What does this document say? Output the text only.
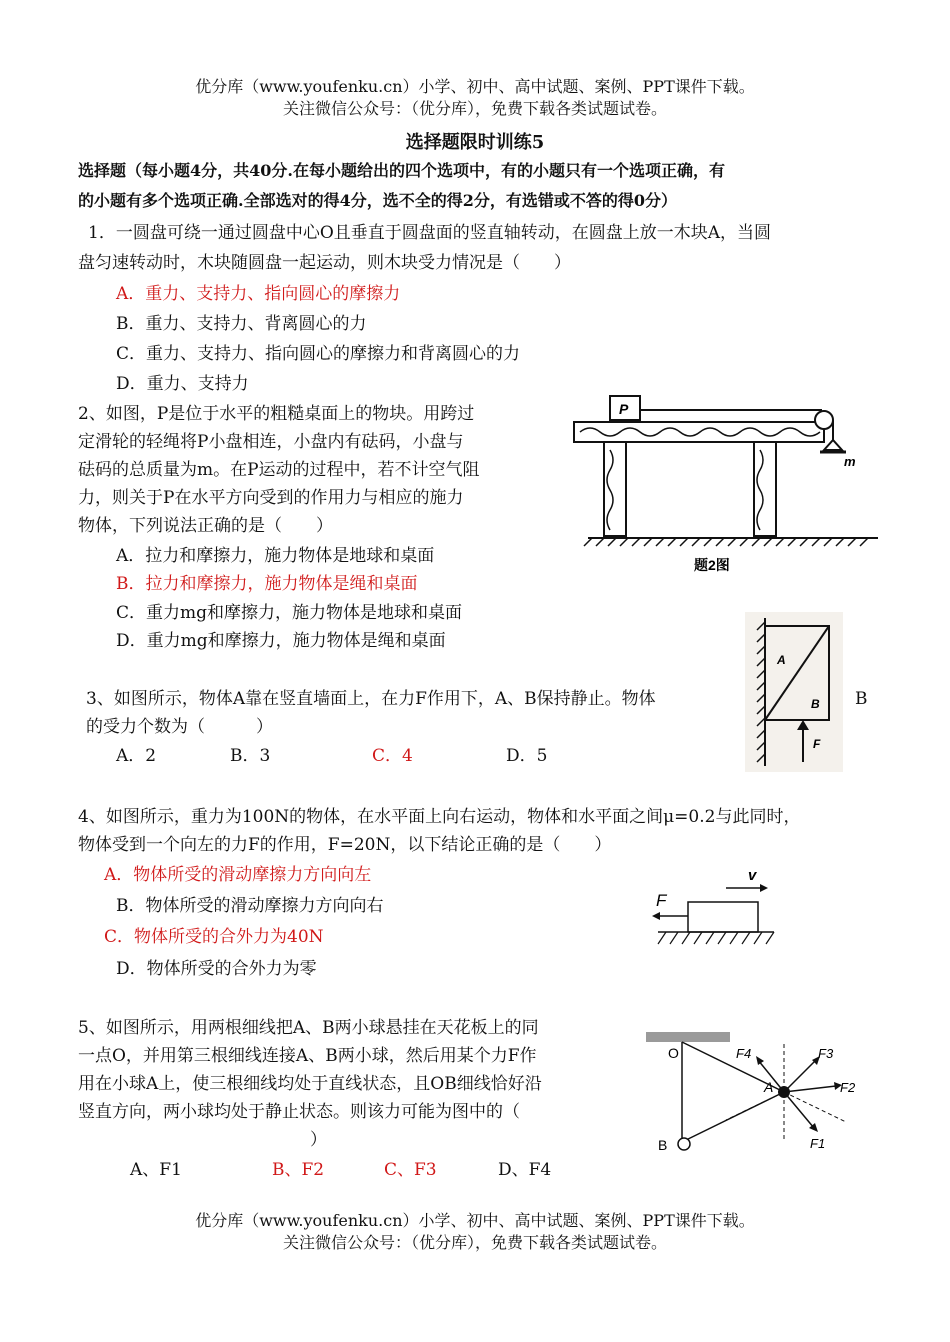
优分库（www.youfenku.cn）小学、初中、高中试题、案例、PPT课件下载。
关注微信公众号：（优分库），免费下载各类试题试卷。
选择题限时训练5
选择题（每小题4分，共40分.在每小题给出的四个选项中，有的小题只有一个选项正确，有
的小题有多个选项正确.全部选对的得4分，选不全的得2分，有选错或不答的得0分）
1．一圆盘可绕一通过圆盘中心O且垂直于圆盘面的竖直轴转动，在圆盘上放一木块A，当圆
盘匀速转动时，木块随圆盘一起运动，则木块受力情况是（　　）
A．重力、支持力、指向圆心的摩擦力
B．重力、支持力、背离圆心的力
C．重力、支持力、指向圆心的摩擦力和背离圆心的力
D．重力、支持力
2、如图，P是位于水平的粗糙桌面上的物块。用跨过
定滑轮的轻绳将P小盘相连，小盘内有砝码，小盘与
砝码的总质量为m。在P运动的过程中，若不计空气阻
力，则关于P在水平方向受到的作用力与相应的施力
物体，下列说法正确的是（　　）
A．拉力和摩擦力，施力物体是地球和桌面
B．拉力和摩擦力，施力物体是绳和桌面
C．重力mg和摩擦力，施力物体是地球和桌面
D．重力mg和摩擦力，施力物体是绳和桌面
P
m
题2图
3、如图所示，物体A靠在竖直墙面上，在力F作用下，A、B保持静止。物体	B
的受力个数为（　　　）
A．2	B．3	C．4	D．5
A
B
F
4、如图所示，重力为100N的物体，在水平面上向右运动，物体和水平面之间μ=0.2与此同时，
物体受到一个向左的力F的作用，F=20N，以下结论正确的是（　　）
A．物体所受的滑动摩擦力方向向左
B．物体所受的滑动摩擦力方向向右
C．物体所受的合外力为40N
D．物体所受的合外力为零
v
F
5、如图所示，用两根细线把A、B两小球悬挂在天花板上的同
一点O，并用第三根细线连接A、B两小球，然后用某个力F作
用在小球A上，使三根细线均处于直线状态，且OB细线恰好沿
竖直方向，两小球均处于静止状态。则该力可能为图中的（
）
A、F1	B、F2	C、F3	D、F4
O
B
A
F4	F3
F2
F1
优分库（www.youfenku.cn）小学、初中、高中试题、案例、PPT课件下载。
关注微信公众号：（优分库），免费下载各类试题试卷。
